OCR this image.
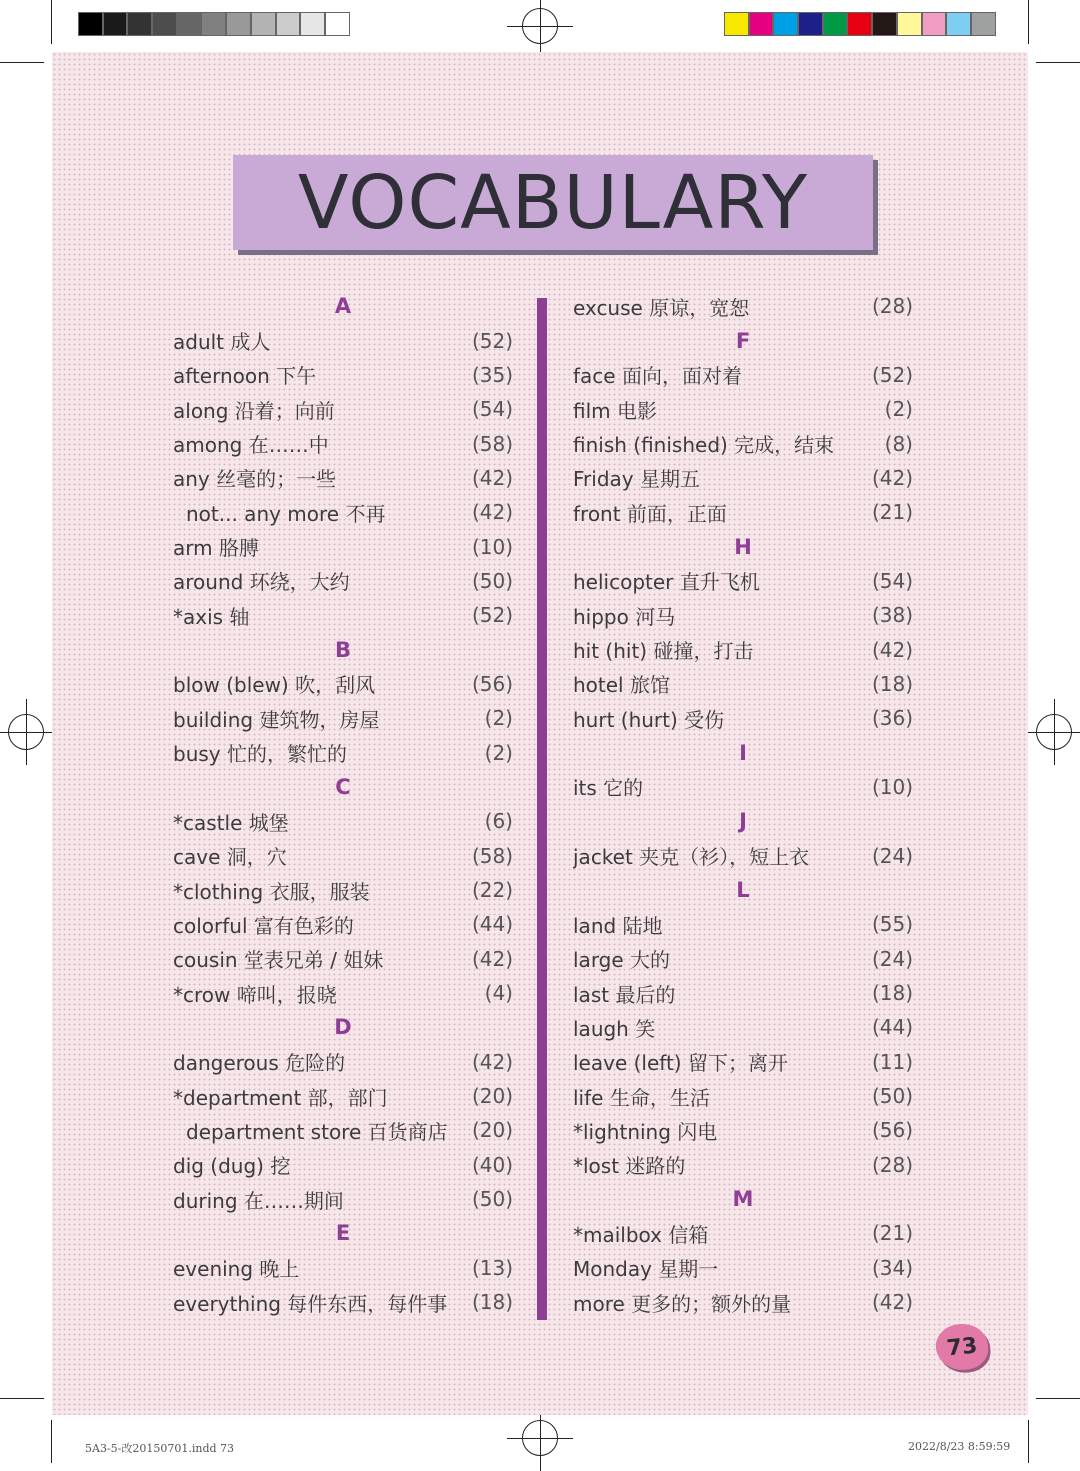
VOCABULARY
A
adult 成人	(52)
afternoon 下午	(35)
along 沿着；向前	(54)
among 在……中	(58)
any 丝毫的；一些	(42)
not... any more 不再	(42)
arm 胳膊	(10)
around 环绕，大约	(50)
*axis 轴	(52)
B
blow (blew) 吹，刮风	(56)
building 建筑物，房屋	(2)
busy 忙的，繁忙的	(2)
C
*castle 城堡	(6)
cave 洞，穴	(58)
*clothing 衣服，服装	(22)
colorful 富有色彩的	(44)
cousin 堂表兄弟 / 姐妹	(42)
*crow 啼叫，报晓	(4)
D
dangerous 危险的	(42)
*department 部，部门	(20)
department store 百货商店	(20)
dig (dug) 挖	(40)
during 在……期间	(50)
E
evening 晚上	(13)
everything 每件东西，每件事	(18)
excuse 原谅，宽恕	(28)
F
face 面向，面对着	(52)
film 电影	(2)
finish (finished) 完成，结束	(8)
Friday 星期五	(42)
front 前面，正面	(21)
H
helicopter 直升飞机	(54)
hippo 河马	(38)
hit (hit) 碰撞，打击	(42)
hotel 旅馆	(18)
hurt (hurt) 受伤	(36)
I
its 它的	(10)
J
jacket 夹克（衫），短上衣	(24)
L
land 陆地	(55)
large 大的	(24)
last 最后的	(18)
laugh 笑	(44)
leave (left) 留下；离开	(11)
life 生命，生活	(50)
*lightning 闪电	(56)
*lost 迷路的	(28)
M
*mailbox 信箱	(21)
Monday 星期一	(34)
more 更多的；额外的量	(42)
73
5A3-5-改20150701.indd 73	2022/8/23 8:59:59
